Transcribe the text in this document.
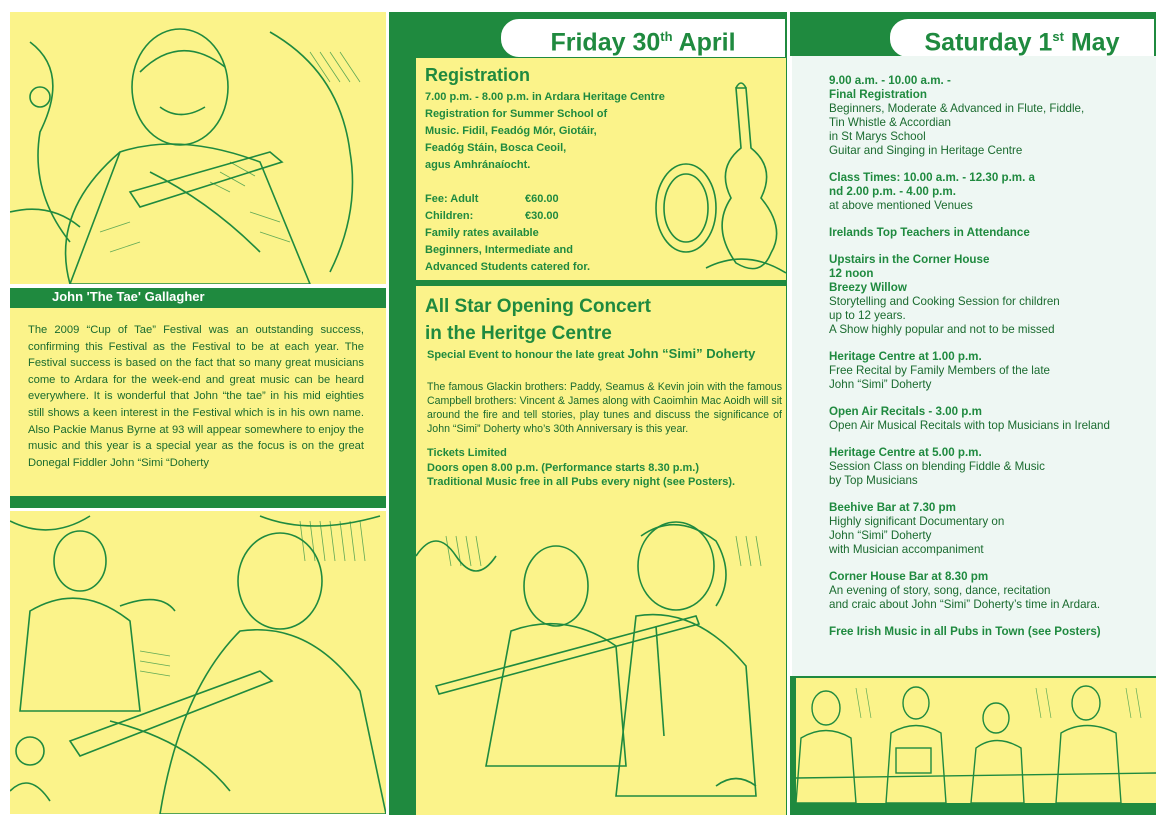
John 'The Tae' Gallagher
The 2009 “Cup of Tae” Festival was an outstanding success, confirming this Festival as the Festival to be at each year. The Festival success is based on the fact that so many great musicians come to Ardara for the week-end and great music can be heard everywhere. It is wonderful that John “the tae” in his mid eighties still shows a keen interest in the Festival which is in his own name. Also Packie Manus Byrne at 93 will appear somewhere to enjoy the music and this year is a special year as the focus is on the great Donegal Fiddler John “Simi “Doherty
Friday 30th April
Registration
7.00 p.m. - 8.00 p.m. in Ardara Heritage Centre
Registration for Summer School of
Music. Fidil, Feadóg Mór, Giotáir,
Feadóg Stáin, Bosca Ceoil,
agus Amhránaíocht.
Fee: Adult	€60.00
Children:	€30.00
Family rates available
Beginners, Intermediate and
Advanced Students catered for.
All Star Opening Concert
in the Heritge Centre
Special Event to honour the late great John “Simi” Doherty
The famous Glackin brothers: Paddy, Seamus & Kevin join with the famous Campbell brothers: Vincent & James along with Caoimhin Mac Aoidh will sit around the fire and tell stories, play tunes and discuss the significance of John “Simi” Doherty who’s 30th Anniversary is this year.
Tickets Limited
Doors open 8.00 p.m. (Performance starts 8.30 p.m.)
Traditional Music free in all Pubs every night (see Posters).
Saturday 1st May
9.00 a.m. - 10.00 a.m. -
Final Registration
Beginners, Moderate & Advanced in Flute, Fiddle,
Tin Whistle & Accordian
in St Marys School
Guitar and Singing in Heritage Centre
Class Times: 10.00 a.m. - 12.30 p.m. a
nd 2.00 p.m. - 4.00 p.m.
at above mentioned Venues
Irelands Top Teachers in Attendance
Upstairs in the Corner House
12 noon
Breezy Willow
Storytelling and Cooking Session for children
up to 12 years.
A Show highly popular and not to be missed
Heritage Centre at 1.00 p.m.
Free Recital by Family Members of the late
John “Simi” Doherty
Open Air Recitals - 3.00 p.m
Open Air Musical Recitals with top Musicians in Ireland
Heritage Centre at 5.00 p.m.
Session Class on blending Fiddle & Music
by Top Musicians
Beehive Bar at 7.30 pm
Highly significant Documentary on
John “Simi” Doherty
with Musician accompaniment
Corner House Bar at 8.30 pm
An evening of story, song, dance, recitation
and craic about John “Simi” Doherty’s time in Ardara.
Free Irish Music in all Pubs in Town (see Posters)
